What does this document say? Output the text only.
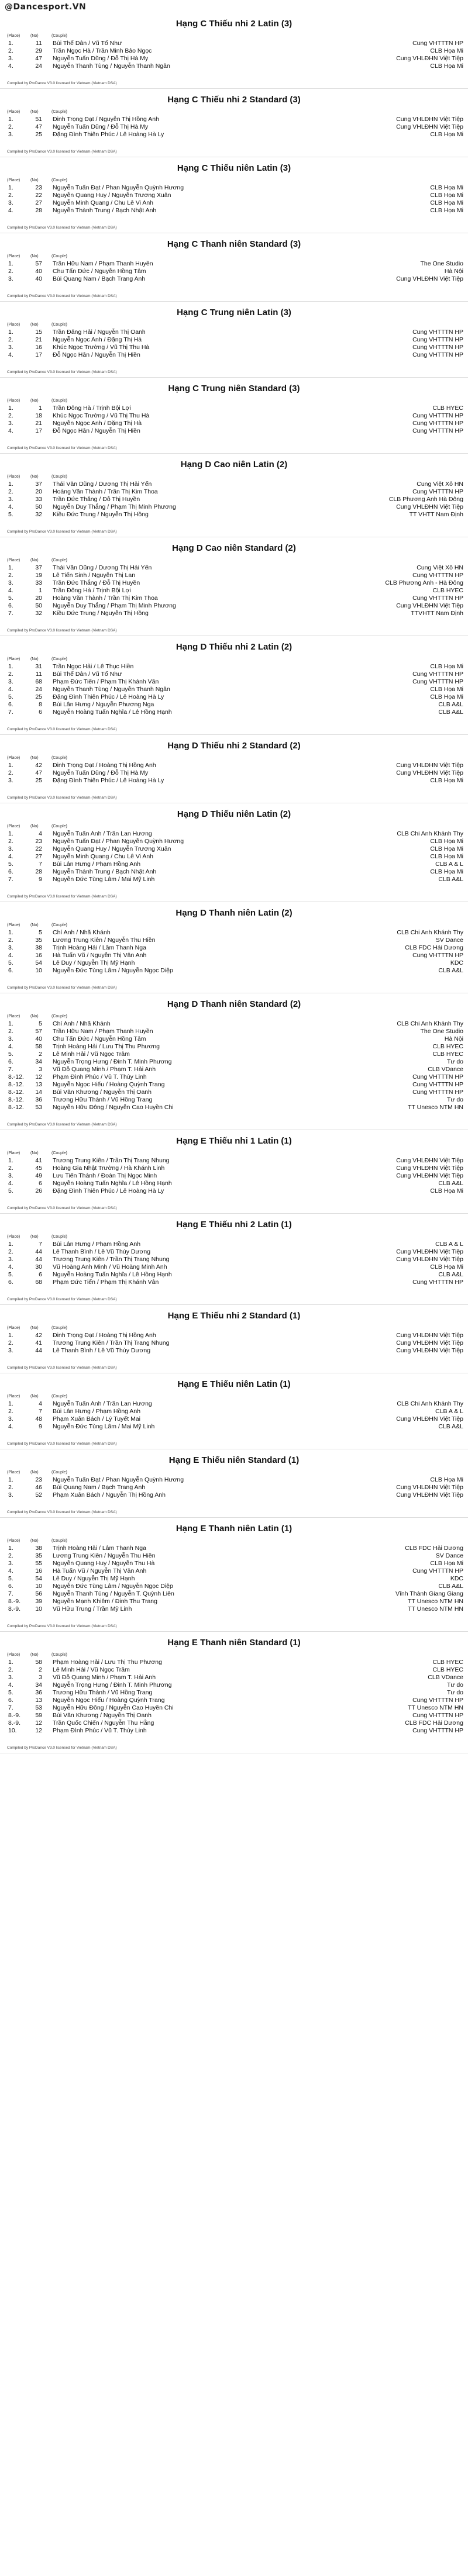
@Dancesport.VN
Hạng C Thiếu nhi 2 Latin (3)
(Place)	(No)	(Couple)
1.	11 Bùi Thế Dân / Vũ Tố Như	Cung VHTTTN HP
2.	29 Trần Ngọc Hà / Trần Minh Bảo Ngọc	CLB Họa Mi
3.	47 Nguyễn Tuấn Dũng / Đỗ Thị Hà My	Cung VHLĐHN Việt Tiệp
4.	24 Nguyễn Thanh Tùng / Nguyễn Thanh Ngân	CLB Họa Mi
Compiled by ProDance V3.0 licensed for Vietnam (Vietnam DSA)
Hạng C Thiếu nhi 2 Standard (3)
(Place)	(No)	(Couple)
1.	51 Đinh Trọng Đạt / Nguyễn Thị Hồng Anh	Cung VHLĐHN Việt Tiệp
2.	47 Nguyễn Tuấn Dũng / Đỗ Thị Hà My	Cung VHLĐHN Việt Tiệp
3.	25 Đặng Đình Thiên Phúc / Lê Hoàng Hà Ly	CLB Họa Mi
Compiled by ProDance V3.0 licensed for Vietnam (Vietnam DSA)
Hạng C Thiếu niên Latin (3)
(Place)	(No)	(Couple)
1.	23 Nguyễn Tuấn Đạt / Phan Nguyễn Quỳnh Hương	CLB Họa Mi
2.	22 Nguyễn Quang Huy / Nguyễn Trương Xuân	CLB Họa Mi
3.	27 Nguyễn Minh Quang / Chu Lê Vi Anh	CLB Họa Mi
4.	28 Nguyễn Thành Trung / Bạch Nhật Anh	CLB Họa Mi
Compiled by ProDance V3.0 licensed for Vietnam (Vietnam DSA)
Hạng C Thanh niên Standard (3)
(Place)	(No)	(Couple)
1.	57 Trần Hữu Nam / Phạm Thanh Huyền	The One Studio
2.	40 Chu Tấn Đức / Nguyễn Hồng Tâm	Hà Nội
3.	40 Bùi Quang Nam / Bạch Trang Anh	Cung VHLĐHN Việt Tiệp
Compiled by ProDance V3.0 licensed for Vietnam (Vietnam DSA)
Hạng C Trung niên Latin (3)
(Place)	(No)	(Couple)
1.	15 Trần Đăng Hải / Nguyễn Thị Oanh	Cung VHTTTN HP
2.	21 Nguyễn Ngọc Anh / Đặng Thị Hà	Cung VHTTTN HP
3.	16 Khúc Ngọc Trường / Vũ Thị Thu Hà	Cung VHTTTN HP
4.	17 Đỗ Ngọc Hân / Nguyễn Thị Hiền	Cung VHTTTN HP
Compiled by ProDance V3.0 licensed for Vietnam (Vietnam DSA)
Hạng C Trung niên Standard (3)
(Place)	(No)	(Couple)
1.	1 Trần Đông Hà / Trịnh Bội Lợi	CLB HYEC
2.	18 Khúc Ngọc Trường / Vũ Thị Thu Hà	Cung VHTTTN HP
3.	21 Nguyễn Ngọc Anh / Đặng Thị Hà	Cung VHTTTN HP
4.	17 Đỗ Ngọc Hân / Nguyễn Thị Hiền	Cung VHTTTN HP
Compiled by ProDance V3.0 licensed for Vietnam (Vietnam DSA)
Hạng D Cao niên Latin (2)
(Place)	(No)	(Couple)
1.	37 Thái Văn Dũng / Dương Thị Hải Yến	Cung Việt Xô HN
2.	20 Hoàng Văn Thành / Trần Thị Kim Thoa	Cung VHTTTN HP
3.	33 Trần Đức Thắng / Đỗ Thị Huyền	CLB Phương Anh Hà Đông
4.	50 Nguyễn Duy Thắng / Phạm Thị Minh Phương	Cung VHLĐHN Việt Tiệp
5.	32 Kiều Đức Trung / Nguyễn Thị Hồng	TT VHTT Nam Định
Compiled by ProDance V3.0 licensed for Vietnam (Vietnam DSA)
Hạng D Cao niên Standard (2)
(Place)	(No)	(Couple)
1.	37 Thái Văn Dũng / Dương Thị Hải Yến	Cung Việt Xô HN
2.	19 Lê Tiến Sinh / Nguyễn Thị Lan	Cung VHTTTN HP
3.	33 Trần Đức Thắng / Đỗ Thị Huyền	CLB Phương Anh - Hà Đông
4.	1 Trần Đông Hà / Trịnh Bội Lợi	CLB HYEC
5.	20 Hoàng Văn Thành / Trần Thị Kim Thoa	Cung VHTTTN HP
6.	50 Nguyễn Duy Thắng / Phạm Thị Minh Phương	Cung VHLĐHN Việt Tiệp
7.	32 Kiều Đức Trung / Nguyễn Thị Hồng	TTVHTT Nam Định
Compiled by ProDance V3.0 licensed for Vietnam (Vietnam DSA)
Hạng D Thiếu nhi 2 Latin (2)
(Place)	(No)	(Couple)
1.	31 Trần Ngọc Hải / Lê Thục Hiền	CLB Họa Mi
2.	11 Bùi Thế Dân / Vũ Tố Như	Cung VHTTTN HP
3.	68 Phạm Đức Tiến / Phạm Thị Khánh Vân	Cung VHTTTN HP
4.	24 Nguyễn Thanh Tùng / Nguyễn Thanh Ngân	CLB Họa Mi
5.	25 Đặng Đình Thiên Phúc / Lê Hoàng Hà Ly	CLB Họa Mi
6.	8 Bùi Lân Hưng / Nguyễn Phương Nga	CLB A&L
7.	6 Nguyễn Hoàng Tuấn Nghĩa / Lê Hồng Hạnh	CLB A&L
Compiled by ProDance V3.0 licensed for Vietnam (Vietnam DSA)
Hạng D Thiếu nhi 2 Standard (2)
(Place)	(No)	(Couple)
1.	42 Đinh Trọng Đạt / Hoàng Thị Hồng Anh	Cung VHLĐHN Việt Tiệp
2.	47 Nguyễn Tuấn Dũng / Đỗ Thị Hà My	Cung VHLĐHN Việt Tiệp
3.	25 Đặng Đình Thiên Phúc / Lê Hoàng Hà Ly	CLB Họa Mi
Compiled by ProDance V3.0 licensed for Vietnam (Vietnam DSA)
Hạng D Thiếu niên Latin (2)
(Place)	(No)	(Couple)
1.	4 Nguyễn Tuấn Anh / Trần Lan Hương	CLB Chi Anh Khánh Thy
2.	23 Nguyễn Tuấn Đạt / Phan Nguyễn Quỳnh Hương	CLB Họa Mi
3.	22 Nguyễn Quang Huy / Nguyễn Trương Xuân	CLB Họa Mi
4.	27 Nguyễn Minh Quang / Chu Lê Vi Anh	CLB Họa Mi
5.	7 Bùi Lân Hưng / Phạm Hồng Anh	CLB A & L
6.	28 Nguyễn Thành Trung / Bạch Nhật Anh	CLB Họa Mi
7.	9 Nguyễn Đức Tùng Lâm / Mai Mỹ Linh	CLB A&L
Compiled by ProDance V3.0 licensed for Vietnam (Vietnam DSA)
Hạng D Thanh niên Latin (2)
(Place)	(No)	(Couple)
1.	5 Chí Anh / Nhã Khánh	CLB Chi Anh Khánh Thy
2.	35 Lương Trung Kiên / Nguyễn Thu Hiền	SV Dance
3.	38 Trịnh Hoàng Hải / Lâm Thanh Nga	CLB FDC Hải Dương
4.	16 Hà Tuấn Vũ / Nguyễn Thị Vân Anh	Cung VHTTTN HP
5.	54 Lê Duy / Nguyễn Thị Mỹ Hạnh	KDC
6.	10 Nguyễn Đức Tùng Lâm / Nguyễn Ngọc Diệp	CLB A&L
Compiled by ProDance V3.0 licensed for Vietnam (Vietnam DSA)
Hạng D Thanh niên Standard (2)
(Place)	(No)	(Couple)
1.	5 Chí Anh / Nhã Khánh	CLB Chi Anh Khánh Thy
2.	57 Trần Hữu Nam / Phạm Thanh Huyền	The One Studio
3.	40 Chu Tấn Đức / Nguyễn Hồng Tâm	Hà Nội
4.	58 Trịnh Hoàng Hải / Lưu Thị Thu Phương	CLB HYEC
5.	2 Lê Minh Hải / Vũ Ngọc Trâm	CLB HYEC
6.	34 Nguyễn Trọng Hưng / Đinh T. Minh Phương	Tư do
7.	3 Vũ Đỗ Quang Minh / Phạm T. Hải Anh	CLB VDance
8.-12.	12 Phạm Đình Phúc / Vũ T. Thùy Linh	Cung VHTTTN HP
8.-12.	13 Nguyễn Ngọc Hiếu / Hoàng Quỳnh Trang	Cung VHTTTN HP
8.-12.	14 Bùi Văn Khương / Nguyễn Thị Oanh	Cung VHTTTN HP
8.-12.	36 Trương Hữu Thành / Vũ Hồng Trang	Tư do
8.-12.	53 Nguyễn Hữu Đông / Nguyễn Cao Huyền Chi	TT Unesco NTM HN
Compiled by ProDance V3.0 licensed for Vietnam (Vietnam DSA)
Hạng E Thiếu nhi 1 Latin (1)
(Place)	(No)	(Couple)
1.	41 Trương Trung Kiên / Trần Thị Trang Nhung	Cung VHLĐHN Việt Tiệp
2.	45 Hoàng Gia Nhật Trường / Hà Khánh Linh	Cung VHLĐHN Việt Tiệp
3.	49 Lưu Tiến Thành / Đoàn Thị Ngọc Minh	Cung VHLĐHN Việt Tiệp
4.	6 Nguyễn Hoàng Tuấn Nghĩa / Lê Hồng Hạnh	CLB A&L
5.	26 Đặng Đình Thiên Phúc / Lê Hoàng Hà Ly	CLB Họa Mi
Compiled by ProDance V3.0 licensed for Vietnam (Vietnam DSA)
Hạng E Thiếu nhi 2 Latin (1)
(Place)	(No)	(Couple)
1.	7 Bùi Lân Hưng / Phạm Hồng Anh	CLB A & L
2.	44 Lê Thanh Bình / Lê Vũ Thùy Dương	Cung VHLĐHN Việt Tiệp
3.	44 Trương Trung Kiên / Trần Thị Trang Nhung	Cung VHLĐHN Việt Tiệp
4.	30 Vũ Hoàng Anh Minh / Vũ Hoàng Minh Anh	CLB Họa Mi
5.	6 Nguyễn Hoàng Tuấn Nghĩa / Lê Hồng Hạnh	CLB A&L
6.	68 Phạm Đức Tiến / Phạm Thị Khánh Vân	Cung VHTTTN HP
Compiled by ProDance V3.0 licensed for Vietnam (Vietnam DSA)
Hạng E Thiếu nhi 2 Standard (1)
(Place)	(No)	(Couple)
1.	42 Đinh Trọng Đạt / Hoàng Thị Hồng Anh	Cung VHLĐHN Việt Tiệp
2.	41 Trương Trung Kiên / Trần Thị Trang Nhung	Cung VHLĐHN Việt Tiệp
3.	44 Lê Thanh Bình / Lê Vũ Thùy Dương	Cung VHLĐHN Việt Tiệp
Compiled by ProDance V3.0 licensed for Vietnam (Vietnam DSA)
Hạng E Thiếu niên Latin (1)
(Place)	(No)	(Couple)
1.	4 Nguyễn Tuấn Anh / Trần Lan Hương	CLB Chi Anh Khánh Thy
2.	7 Bùi Lân Hưng / Phạm Hồng Anh	CLB A & L
3.	48 Phạm Xuân Bách / Lý Tuyết Mai	Cung VHLĐHN Việt Tiệp
4.	9 Nguyễn Đức Tùng Lâm / Mai Mỹ Linh	CLB A&L
Compiled by ProDance V3.0 licensed for Vietnam (Vietnam DSA)
Hạng E Thiếu niên Standard (1)
(Place)	(No)	(Couple)
1.	23 Nguyễn Tuấn Đạt / Phan Nguyễn Quỳnh Hương	CLB Họa Mi
2.	46 Bùi Quang Nam / Bạch Trang Anh	Cung VHLĐHN Việt Tiệp
3.	52 Phạm Xuân Bách / Nguyễn Thị Hồng Anh	Cung VHLĐHN Việt Tiệp
Compiled by ProDance V3.0 licensed for Vietnam (Vietnam DSA)
Hạng E Thanh niên Latin (1)
(Place)	(No)	(Couple)
1.	38 Trịnh Hoàng Hải / Lâm Thanh Nga	CLB FDC Hải Dương
2.	35 Lương Trung Kiên / Nguyễn Thu Hiền	SV Dance
3.	55 Nguyễn Quang Huy / Nguyễn Thu Hà	CLB Họa Mi
4.	16 Hà Tuấn Vũ / Nguyễn Thị Vân Anh	Cung VHTTTN HP
5.	54 Lê Duy / Nguyễn Thị Mỹ Hạnh	KDC
6.	10 Nguyễn Đức Tùng Lâm / Nguyễn Ngọc Diệp	CLB A&L
7.	56 Nguyễn Thanh Tùng / Nguyễn T. Quỳnh Liên	Vĩnh Thành Giang Giang
8.-9.	39 Nguyễn Mạnh Khiêm / Đinh Thu Trang	TT Unesco NTM HN
8.-9.	10 Vũ Hữu Trung / Trần Mỹ Linh	TT Unesco NTM HN
Compiled by ProDance V3.0 licensed for Vietnam (Vietnam DSA)
Hạng E Thanh niên Standard (1)
(Place)	(No)	(Couple)
1.	58 Phạm Hoàng Hải / Lưu Thị Thu Phương	CLB HYEC
2.	2 Lê Minh Hải / Vũ Ngọc Trâm	CLB HYEC
3.	3 Vũ Đỗ Quang Minh / Phạm T. Hải Anh	CLB VDance
4.	34 Nguyễn Trọng Hưng / Đinh T. Minh Phương	Tư do
5.	36 Trương Hữu Thành / Vũ Hồng Trang	Tư do
6.	13 Nguyễn Ngọc Hiếu / Hoàng Quỳnh Trang	Cung VHTTTN HP
7.	53 Nguyễn Hữu Đông / Nguyễn Cao Huyền Chi	TT Unesco NTM HN
8.-9.	59 Bùi Văn Khương / Nguyễn Thị Oanh	Cung VHTTTN HP
8.-9.	12 Trần Quốc Chiến / Nguyễn Thu Hằng	CLB FDC Hải Dương
10.	12 Phạm Đình Phúc / Vũ T. Thùy Linh	Cung VHTTTN HP
Compiled by ProDance V3.0 licensed for Vietnam (Vietnam DSA)
